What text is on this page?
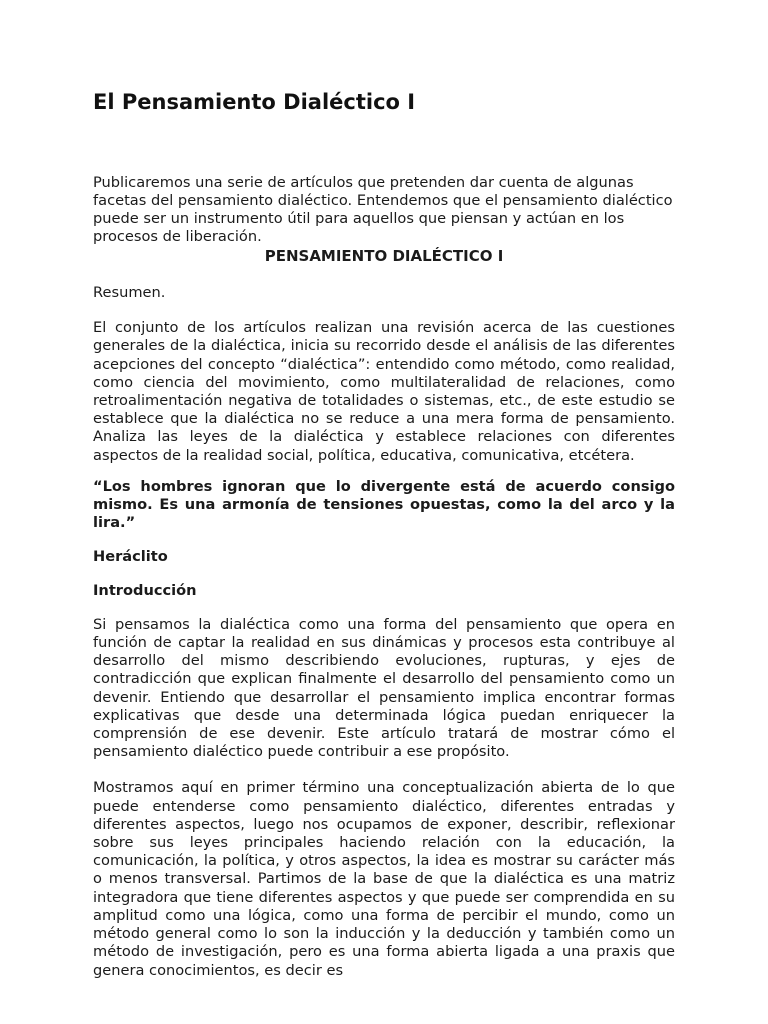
El Pensamiento Dialéctico I

Publicaremos una serie de artículos que pretenden dar cuenta de algunas facetas del pensamiento dialéctico. Entendemos que el pensamiento dialéctico puede ser un instrumento útil para aquellos que piensan y actúan en los procesos de liberación.

PENSAMIENTO DIALÉCTICO I

Resumen.

El conjunto de los artículos realizan una revisión acerca de las cuestiones generales de la dialéctica, inicia su recorrido desde el análisis de las diferentes acepciones del concepto “dialéctica”: entendido como método, como realidad, como ciencia del movimiento, como multilateralidad de relaciones, como retroalimentación negativa de totalidades o sistemas, etc., de este estudio se establece que la dialéctica no se reduce a una mera forma de pensamiento. Analiza las leyes de la dialéctica y establece relaciones con diferentes aspectos de la realidad social, política, educativa, comunicativa, etcétera.

“Los hombres ignoran que lo divergente está de acuerdo consigo mismo. Es una armonía de tensiones opuestas, como la del arco y la lira.”

Heráclito

Introducción

Si pensamos la dialéctica como una forma del pensamiento que opera en función de captar la realidad en sus dinámicas y procesos esta contribuye al desarrollo del mismo describiendo evoluciones, rupturas, y ejes de contradicción que explican finalmente el desarrollo del pensamiento como un devenir. Entiendo que desarrollar el pensamiento implica encontrar formas explicativas que desde una determinada lógica puedan enriquecer la comprensión de ese devenir. Este artículo tratará de mostrar cómo el pensamiento dialéctico puede contribuir a ese propósito.

Mostramos aquí en primer término una conceptualización abierta de lo que puede entenderse como pensamiento dialéctico, diferentes entradas y diferentes aspectos, luego nos ocupamos de exponer, describir, reflexionar sobre sus leyes principales haciendo relación con la educación, la comunicación, la política, y otros aspectos, la idea es mostrar su carácter más o menos transversal. Partimos de la base de que la dialéctica es una matriz integradora que tiene diferentes aspectos y que puede ser comprendida en su amplitud como una lógica, como una forma de percibir el mundo, como un método general como lo son la inducción y la deducción y también como un método de investigación, pero es una forma abierta ligada a una praxis que genera conocimientos, es decir es
